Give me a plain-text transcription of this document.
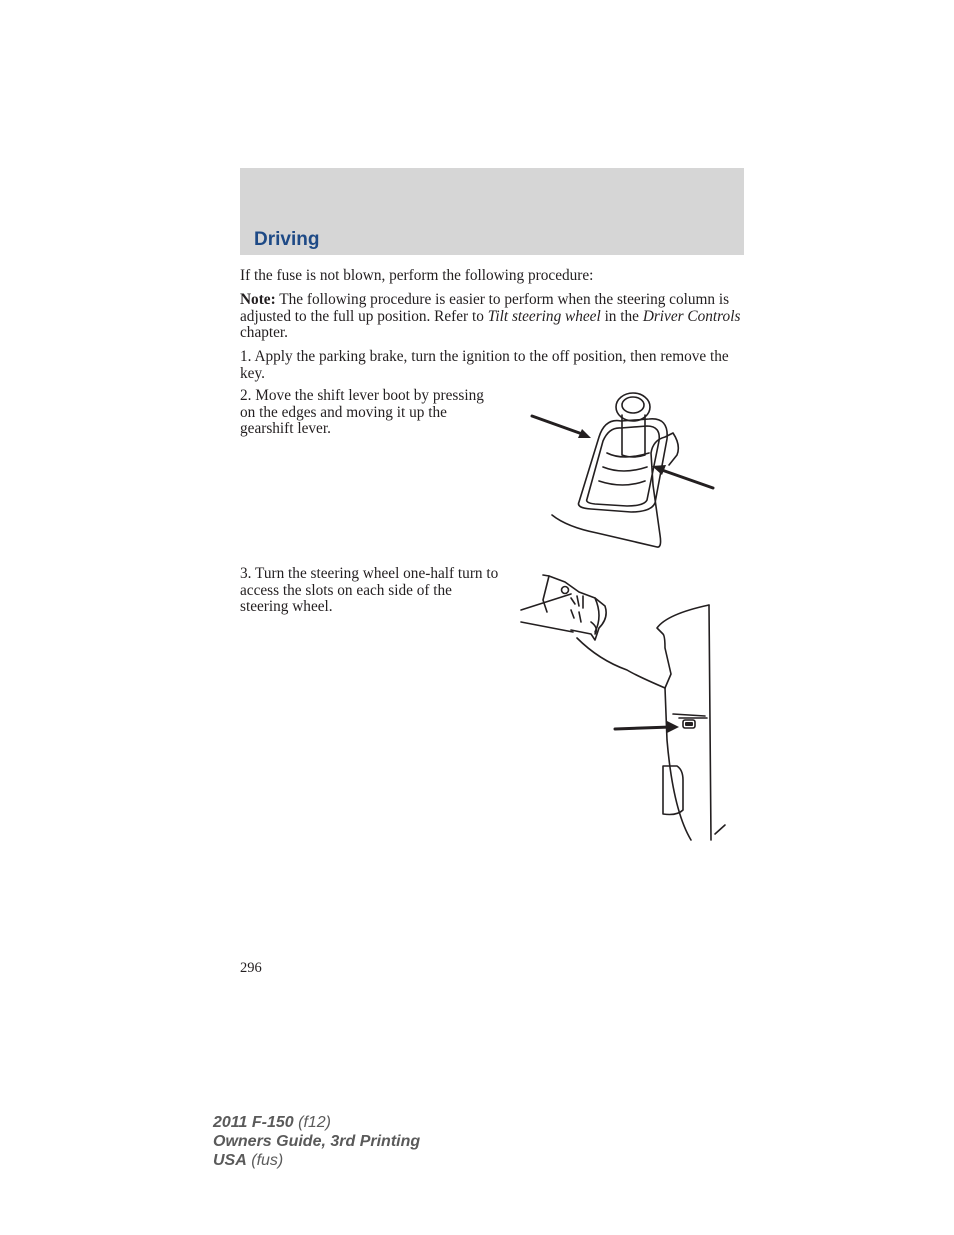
Driving

If the fuse is not blown, perform the following procedure:

Note: The following procedure is easier to perform when the steering column is adjusted to the full up position. Refer to Tilt steering wheel in the Driver Controls chapter.

1. Apply the parking brake, turn the ignition to the off position, then remove the key.

2. Move the shift lever boot by pressing on the edges and moving it up the gearshift lever.

3. Turn the steering wheel one-half turn to access the slots on each side of the steering wheel.

296

2011 F-150 (f12)
Owners Guide, 3rd Printing
USA (fus)
